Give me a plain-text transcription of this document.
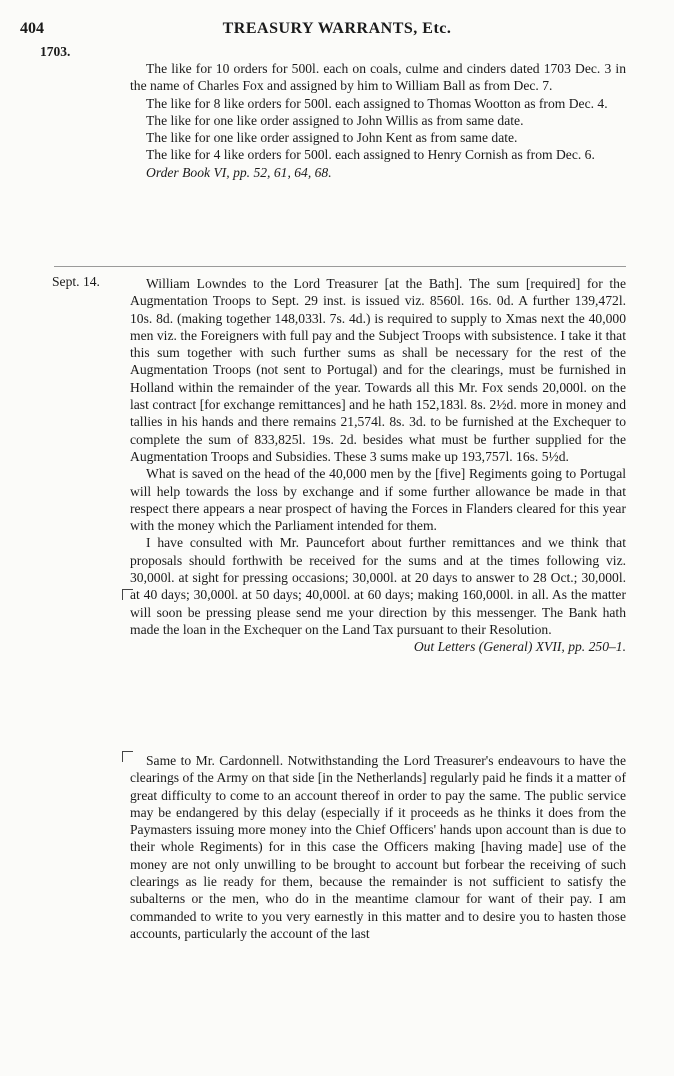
404	TREASURY WARRANTS, Etc.
1703.

The like for 10 orders for 500l. each on coals, culme and cinders dated 1703 Dec. 3 in the name of Charles Fox and assigned by him to William Ball as from Dec. 7.

The like for 8 like orders for 500l. each assigned to Thomas Wootton as from Dec. 4.

The like for one like order assigned to John Willis as from same date.

The like for one like order assigned to John Kent as from same date.

The like for 4 like orders for 500l. each assigned to Henry Cornish as from Dec. 6.

Order Book VI, pp. 52, 61, 64, 68.

Sept. 14.	William Lowndes to the Lord Treasurer [at the Bath]. The sum [required] for the Augmentation Troops to Sept. 29 inst. is issued viz. 8560l. 16s. 0d. A further 139,472l. 10s. 8d. (making together 148,033l. 7s. 4d.) is required to supply to Xmas next the 40,000 men viz. the Foreigners with full pay and the Subject Troops with subsistence. I take it that this sum together with such further sums as shall be necessary for the rest of the Augmentation Troops (not sent to Portugal) and for the clearings, must be furnished in Holland within the remainder of the year. Towards all this Mr. Fox sends 20,000l. on the last contract [for exchange remittances] and he hath 152,183l. 8s. 2½d. more in money and tallies in his hands and there remains 21,574l. 8s. 3d. to be furnished at the Exchequer to complete the sum of 833,825l. 19s. 2d. besides what must be further supplied for the Augmentation Troops and Subsidies. These 3 sums make up 193,757l. 16s. 5½d.

What is saved on the head of the 40,000 men by the [five] Regiments going to Portugal will help towards the loss by exchange and if some further allowance be made in that respect there appears a near prospect of having the Forces in Flanders cleared for this year with the money which the Parliament intended for them.

I have consulted with Mr. Pauncefort about further remittances and we think that proposals should forthwith be received for the sums and at the times following viz. 30,000l. at sight for pressing occasions; 30,000l. at 20 days to answer to 28 Oct.; 30,000l. at 40 days; 30,000l. at 50 days; 40,000l. at 60 days; making 160,000l. in all. As the matter will soon be pressing please send me your direction by this messenger. The Bank hath made the loan in the Exchequer on the Land Tax pursuant to their Resolution.

Out Letters (General) XVII, pp. 250–1.

Same to Mr. Cardonnell. Notwithstanding the Lord Treasurer's endeavours to have the clearings of the Army on that side [in the Netherlands] regularly paid he finds it a matter of great difficulty to come to an account thereof in order to pay the same. The public service may be endangered by this delay (especially if it proceeds as he thinks it does from the Paymasters issuing more money into the Chief Officers' hands upon account than is due to their whole Regiments) for in this case the Officers making [having made] use of the money are not only unwilling to be brought to account but forbear the receiving of such clearings as lie ready for them, because the remainder is not sufficient to satisfy the subalterns or the men, who do in the meantime clamour for want of their pay. I am commanded to write to you very earnestly in this matter and to desire you to hasten those accounts, particularly the account of the last
